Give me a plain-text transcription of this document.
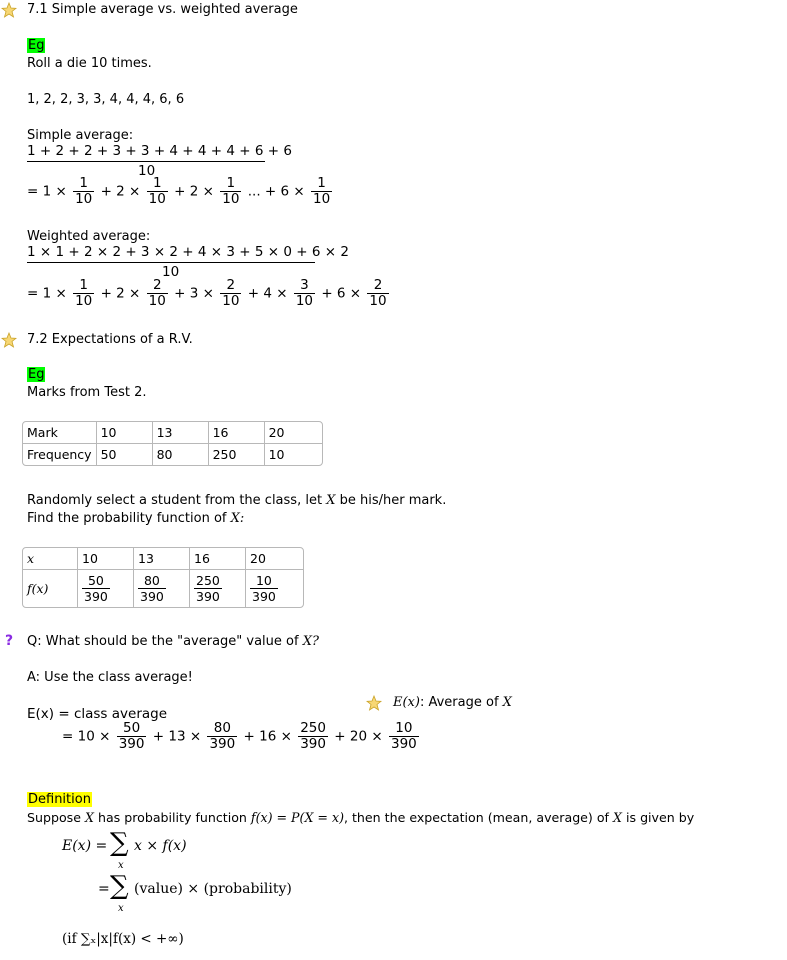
7.1 Simple average vs. weighted average
Eg
Roll a die 10 times.
1, 2, 2, 3, 3, 4, 4, 4, 6, 6
Simple average:
1 + 2 + 2 + 3 + 3 + 4 + 4 + 4 + 6 + 6
10
= $1 \times \frac{1}{10} + 2 \times \frac{1}{10} + 2 \times \frac{1}{10}$ ... + $6 \times \frac{1}{10}$
Weighted average:
1 × 1 + 2 × 2 + 3 × 2 + 4 × 3 + 5 × 0 + 6 × 2
10
= $1 \times \frac{1}{10} + 2 \times \frac{2}{10} + 3 \times \frac{2}{10} + 4 \times \frac{3}{10} + 6 \times \frac{2}{10}$
7.2 Expectations of a R.V.
Eg
Marks from Test 2.
Mark	10	13	16	20
Frequency	50	80	250	10
Randomly select a student from the class, let X be his/her mark.
Find the probability function of X:
x	10	13	16	20
f(x)	$\frac{50}{390}$	$\frac{80}{390}$	$\frac{250}{390}$	$\frac{10}{390}$
? Q: What should be the "average" value of X?
A: Use the class average!
E(x): Average of X
E(x) = class average
= $10 \times \frac{50}{390} + 13 \times \frac{80}{390} + 16 \times \frac{250}{390} + 20 \times \frac{10}{390}$
Definition
Suppose X has probability function f(x) = P(X = x), then the expectation (mean, average) of X is given by
E(x) = ∑
x
x × f(x)
= ∑
x
(value) × (probability)
(if ∑ₓ|x|f(x) < +∞)
